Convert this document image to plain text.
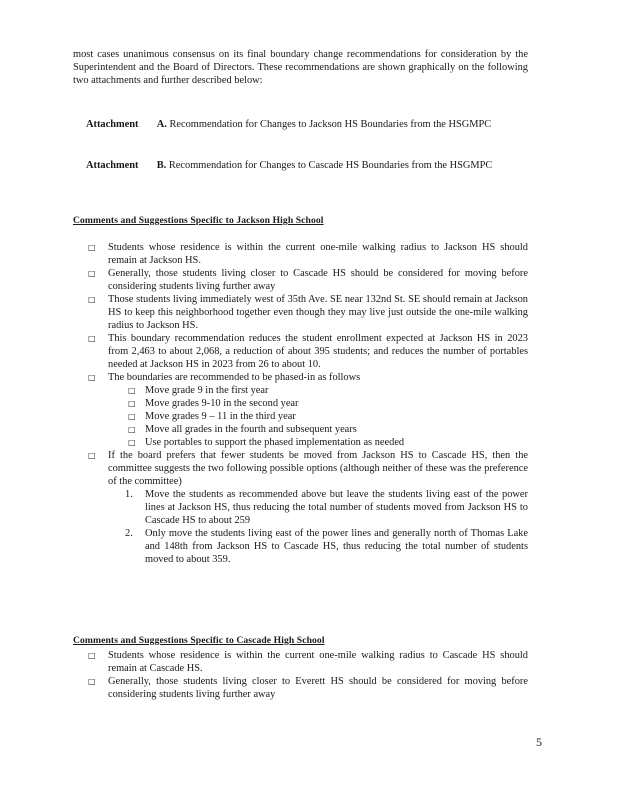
most cases unanimous consensus on its final boundary change recommendations for consideration by the Superintendent and the Board of Directors. These recommendations are shown graphically on the following two attachments and further described below:

Attachment A. Recommendation for Changes to Jackson HS Boundaries from the HSGMPC
Attachment B. Recommendation for Changes to Cascade HS Boundaries from the HSGMPC
Comments and Suggestions Specific to Jackson High School
□ Students whose residence is within the current one-mile walking radius to Jackson HS should remain at Jackson HS.
□ Generally, those students living closer to Cascade HS should be considered for moving before considering students living further away
□ Those students living immediately west of 35th Ave. SE near 132nd St. SE should remain at Jackson HS to keep this neighborhood together even though they may live just outside the one-mile walking radius to Jackson HS.
□ This boundary recommendation reduces the student enrollment expected at Jackson HS in 2023 from 2,463 to about 2,068, a reduction of about 395 students; and reduces the number of portables needed at Jackson HS in 2023 from 26 to about 10.
□ The boundaries are recommended to be phased-in as follows
□ Move grade 9 in the first year
□ Move grades 9-10 in the second year
□ Move grades 9 – 11 in the third year
□ Move all grades in the fourth and subsequent years
□ Use portables to support the phased implementation as needed
□ If the board prefers that fewer students be moved from Jackson HS to Cascade HS, then the committee suggests the two following possible options (although neither of these was the preference of the committee)
1. Move the students as recommended above but leave the students living east of the power lines at Jackson HS, thus reducing the total number of students moved from Jackson HS to Cascade HS to about 259
2. Only move the students living east of the power lines and generally north of Thomas Lake and 148th from Jackson HS to Cascade HS, thus reducing the total number of students moved to about 359.
Comments and Suggestions Specific to Cascade High School
□ Students whose residence is within the current one-mile walking radius to Cascade HS should remain at Cascade HS.
□ Generally, those students living closer to Everett HS should be considered for moving before considering students living further away
5
